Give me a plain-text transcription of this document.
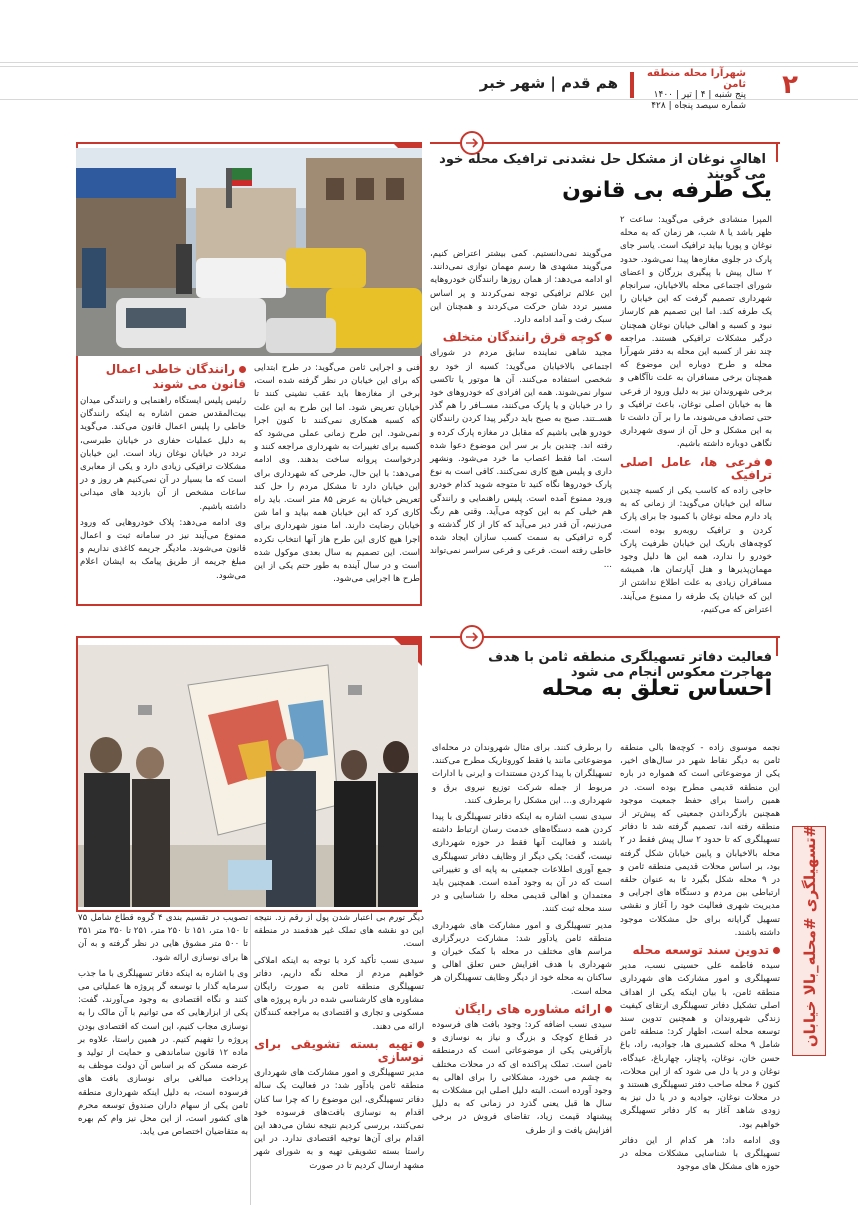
۲
شهرآرا محله منطقه ثامن
پنج شنبه | ۴ | تیر | ۱۴۰۰
شماره سیصد پنجاه | ۴۲۸
هم قدم | شهر خبر
اهالی نوغان از مشکل حل نشدنی ترافیک محله خود می گویند
یک طرفه بی قانون

المپرا منشادی خرقی می‌گوید: ساعت ۲ ظهر باشد یا ۸ شب، هر زمان که به محله نوغان و پوریا بیاید ترافیک است. یاسر جای پارک در جلوی مغازه‌ها پیدا نمی‌شود. حدود ۲ سال پیش با پیگیری بزرگان و اعضای شورای اجتماعی محله بالاخیابان، سرانجام شهرداری تصمیم گرفت که این خیابان را یک طرفه کند. اما این تصمیم هم کارساز نبود و کسبه و اهالی خیابان نوغان همچنان درگیر مشکلات ترافیکی هستند. مراجعه چند نفر از کسبه این محله به دفتر شهرآرا محله و طرح دوباره این موضوع که همچنان برخی مسافران به علت ناآگاهی و برخی شهروندان نیز به دلیل ورود از فرعی ها به خیابان اصلی نوغان، باعث ترافیک و حتی تصادف می‌شوند، ما را بر آن داشت تا به این مشکل و حل آن از سوی شهرداری نگاهی دوباره داشته باشیم.

فرعی ها، عامل اصلی ترافیک

حاجی زاده که کاسب یکی از کسبه چندین ساله این خیابان می‌گوید: از زمانی که به یاد دارم محله نوغان با کمبود جا برای پارک کردن و ترافیک روبه‌رو بوده است. کوچه‌های باریک این خیابان ظرفیت پارک خودرو را ندارد، همه این ها دلیل وجود مهمان‌پذیرها و هتل آپارتمان ها، همیشه مسافران زیادی به علت اطلاع نداشتن از این که خیابان یک طرفه را ممنوع می‌آیند. اعتراض که می‌کنیم،

می‌گویند نمی‌دانستیم. کمی بیشتر اعتراض کنیم، می‌گویند مشهدی ها رسم مهمان نوازی نمی‌دانند. او ادامه می‌دهد: از همان روزها رانندگان خودروهایه این علائم ترافیکی توجه نمی‌کردند و پر اساس مسیر تردد شان حرکت می‌کردند و همچنان این سبک رفت و آمد ادامه دارد.

کوچه قرق رانندگان متخلف

مجید شاهی نماینده سابق مردم در شورای اجتماعی بالاخیابان می‌گوید: کسبه از خود رو شخصی استفاده می‌کنند. آن ها موتور یا تاکسی سوار نمی‌شوند. همه این افرادی که خودروهای خود را در خیابان و یا پارک می‌کنند، مســافر را هم گذر هســتند. صبح به صبح باید درگیر پیدا کردن رانندگان خودرو هایی باشیم که مقابل در مغازه پارک کرده و رفته اند. چندین بار بر سر این موضوع دعوا شده است. اما فقط اعصاب ما خرد می‌شود. ونشهر داری و پلیس هیچ کاری نمی‌کنند. کافی است به نوع پارک خودروها نگاه کنید تا متوجه شوید کدام خودرو ورود ممنوع آمده است. پلیس راهنمایی و رانندگی هم خیلی کم به این کوچه می‌آید. وقتی هم رنگ می‌زنیم، آن قدر دیر می‌آید که کار از کار گذشته و گره ترافیکی به سمت کسب سازان ایجاد شده خاطی رفته است. فرعی و فرعی سراسر نمی‌تواند ...

فنی و اجرایی ثامن می‌گوید: در طرح ابتدایی که برای این خیابان در نظر گرفته شده است، برخی از مغازه‌ها باید عقب نشینی کنند تا خیابان تعریض شود. اما این طرح به این علت که کسبه همکاری نمی‌کنند تا کنون اجرا نمی‌شود. این طرح زمانی عملی می‌شود که کسبه برای تغییرات به شهرداری مراجعه کنند و درخواست پروانه ساخت بدهند. وی ادامه می‌دهد: با این حال، طرحی که شهرداری برای این خیابان دارد تا مشکل مردم را حل کند تعریض خیابان به عرض ۸۵ متر است. باید راه کاری کرد که این خیابان همه بیاید و اما شن خیابان رضایت دارند. اما منوز شهرداری برای اجرا هیچ کاری این طرح هاز آنها انتخاب نکرده است. این تصمیم به سال بعدی موکول شده است و در سال آینده به طور حتم یکی از این طرح ها اجرایی می‌شود.

رانندگان خاطی اعمال قانون می شوند

رئیس پلیس ایستگاه راهنمایی و رانندگی میدان بیت‌المقدس ضمن اشاره به اینکه رانندگان خاطی را پلیس اعمال قانون می‌کند. می‌گوید به دلیل عملیات حفاری در خیابان طبرسی، تردد در خیابان نوغان زیاد است. این خیابان مشکلات ترافیکی زیادی دارد و یکی از معابری است که ما بسیار در آن نمی‌کنیم هر روز و در ساعات مشخص از آن بازدید های میدانی داشته باشیم.

وی ادامه می‌دهد: پلاک خودروهایی که ورود ممنوع می‌آیند نیز در سامانه ثبت و اعمال قانون می‌شوند. مادیگر جریمه کاغذی نداریم و مبلغ جریمه از طریق پیامک به ایشان اعلام می‌شود.

فعالیت دفاتر تسهیلگری منطقه ثامن با هدف مهاجرت معکوس انجام می شود
احساس تعلق به محله
#تسهیلگری #محله_بالا خیابان

نجمه موسوی زاده - کوچه‌ها بالی منطقه ثامن به دیگر نقاط شهر در سال‌های اخیر، یکی از موضوعاتی است که همواره در باره این منطقه قدیمی مطرح بوده است. در همین راستا برای حفظ جمعیت موجود همچنین بازگرداندن جمعیتی که پیش‌تر از منطقه رفته اند، تصمیم گرفته شد تا دفاتر تسهیلگری که تا حدود ۲ سال پیش فقط در ۲ محله بالاخیابان و پایین خیابان شکل گرفته بود، بر اساس محلات قدیمی منطقه ثامن و در ۹ محله شکل بگیرد تا به عنوان حلقه ارتباطی بین مردم و دستگاه های اجرایی و مدیریت شهری فعالیت خود را آغاز و نقشی تسهیل گرایانه برای حل مشکلات موجود داشته باشند.

تدوین سند توسعه محله

سیده فاطمه علی حسینی نسب، مدیر تسهیلگری و امور مشارکت های شهرداری منطقه ثامن، با بیان اینکه یکی از اهداف اصلی تشکیل دفاتر تسهیلگری ارتقای کیفیت زندگی شهروندان و همچنین تدوین سند توسعه محله است، اظهار کرد: منطقه ثامن شامل ۹ محله کشمیری ها، جوادیه، راد، باغ حسن خان، نوغان، پاچنار، چهارباغ، عیدگاه، نوغان و در یا دل می شود که از این محلات، کنون ۶ محله صاحب دفتر تسهیلگری هستند و در محلات نوغان، جوادیه و در یا دل نیز به زودی شاهد آغاز به کار دفاتر تسهیلگری خواهیم بود.

وی ادامه داد: هر کدام از این دفاتر تسهیلگری با شناسایی مشکلات محله در حوزه های مشکل های موجود

را برطرف کنند. برای مثال شهروندان در محله‌ای موضوعاتی مانند یا فقط کوروتاریک مطرح می‌کنند. تسهیلگران با پیدا کردن مستندات و ایرنی با ادارات مربوط از جمله شرکت توزیع نیروی برق و شهرداری و… این مشکل را برطرف کنند.

سیدی نسب اشاره به اینکه دفاتر تسهیلگری با پیدا کردن همه دستگاه‌های خدمت رسان ارتباط داشته باشند و فعالیت آنها فقط در حوزه شهرداری نیست، گفت: یکی دیگر از وظایف دفاتر تسهیلگری جمع آوری اطلاعات جمعیتی به پایه ای و تغییراتی است که در آن به وجود آمده است. همچنین باید معتمدان و اهالی قدیمی محله را شناسایی و در سند محله ثبت کنند.

مدیر تسهیلگری و امور مشارکت های شهرداری منطقه ثامن یادآور شد: مشارکت دربرگزاری مراسم های مختلف در محله با کمک خیران و شهرداری با هدف افزایش حس تعلق اهالی و ساکنان به محله خود از دیگر وظایف تسهیلگران هر محله است.

ارائه مشاوره های رایگان

سیدی نسب اضافه کرد: وجود بافت های فرسوده در قطاع کوچک و بزرگ و نیاز به نوسازی و بازآفرینی یکی از موضوعاتی است که درمنطقه ثامن است. تملک پراکنده ای که در محلات مختلف به چشم می خورد، مشکلاتی را برای اهالی به وجود آورده است. البته دلیل اصلی این مشکلات به سال ها قبل یعنی گذرد در زمانی که به دلیل پیشنهاد قیمت زیاد، تقاضای فروش در برخی افزایش یافت و از طرف

دیگر تورم بی اعتبار شدن پول از رقم زد. نتیجه این دو نقشه های تملک غیر هدفمند در منطقه است.

سیدی نسب تأکید کرد با توجه به اینکه املاکی خواهیم مردم از محله نگه داریم، دفاتر تسهیلگری منطقه ثامن به صورت رایگان مشاوره های کارشناسی شده در باره پروژه های مسکونی و تجاری و اقتصادی به مراجعه کنندگان ارائه می دهند.

تهیه بسته تشویقی برای نوسازی

مدیر تسهیلگری و امور مشارکت های شهرداری منطقه ثامن یادآور شد: در فعالیت یک ساله دفاتر تسهیلگری، این موضوع را که چرا سا کنان اقدام به نوسازی بافت‌های فرسوده خود نمی‌کنند، بررسی کردیم نتیجه نشان می‌دهد این اقدام برای آن‌ها توجیه اقتصادی ندارد. در این راستا بسته تشویقی تهیه و به شورای شهر مشهد ارسال کردیم تا در صورت

تصویب در تقسیم بندی ۴ گروه قطاع شامل ۷۵ تا ۱۵۰ متر، ۱۵۱ تا ۲۵۰ متر، ۲۵۱ تا ۳۵۰ متر ۳۵۱ تا ۵۰۰ متر مشوق هایی در نظر گرفته و به آن ها برای نوسازی ارائه شود.

وی با اشاره به اینکه دفاتر تسهیلگری با ما جذب سرمایه گذار با توسعه گر پروژه ها عملیاتی می کنند و نگاه اقتصادی به وجود می‌آورند، گفت: یکی از ابزارهایی که می توانیم با آن مالک را به نوسازی مجاب کنیم، این است که اقتصادی بودن پروژه را تفهیم کنیم. در همین راستا، علاوه بر ماده ۱۲ قانون ساماندهی و حمایت از تولید و عرضه مسکن که بر اساس آن دولت موظف به پرداخت مبالغی برای نوسازی بافت های فرسوده است، به دلیل اینکه شهرداری منطقه ثامن یکی از سهام داران صندوق توسعه محرم های کشور است، از این محل نیز وام کم بهره به متقاضیان اختصاص می یابد.
